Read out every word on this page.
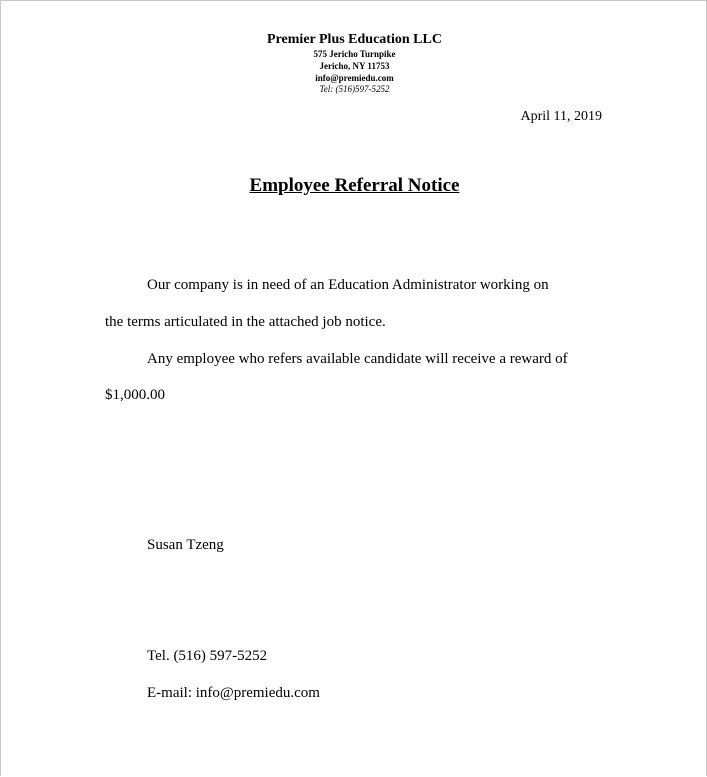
Premier Plus Education LLC
575 Jericho Turnpike
Jericho, NY 11753
info@premiedu.com
Tel: (516)597-5252
April 11, 2019
Employee Referral Notice
Our company is in need of an Education Administrator working on
the terms articulated in the attached job notice.
Any employee who refers available candidate will receive a reward of
$1,000.00
Susan Tzeng
Tel. (516) 597-5252
E-mail: info@premiedu.com
